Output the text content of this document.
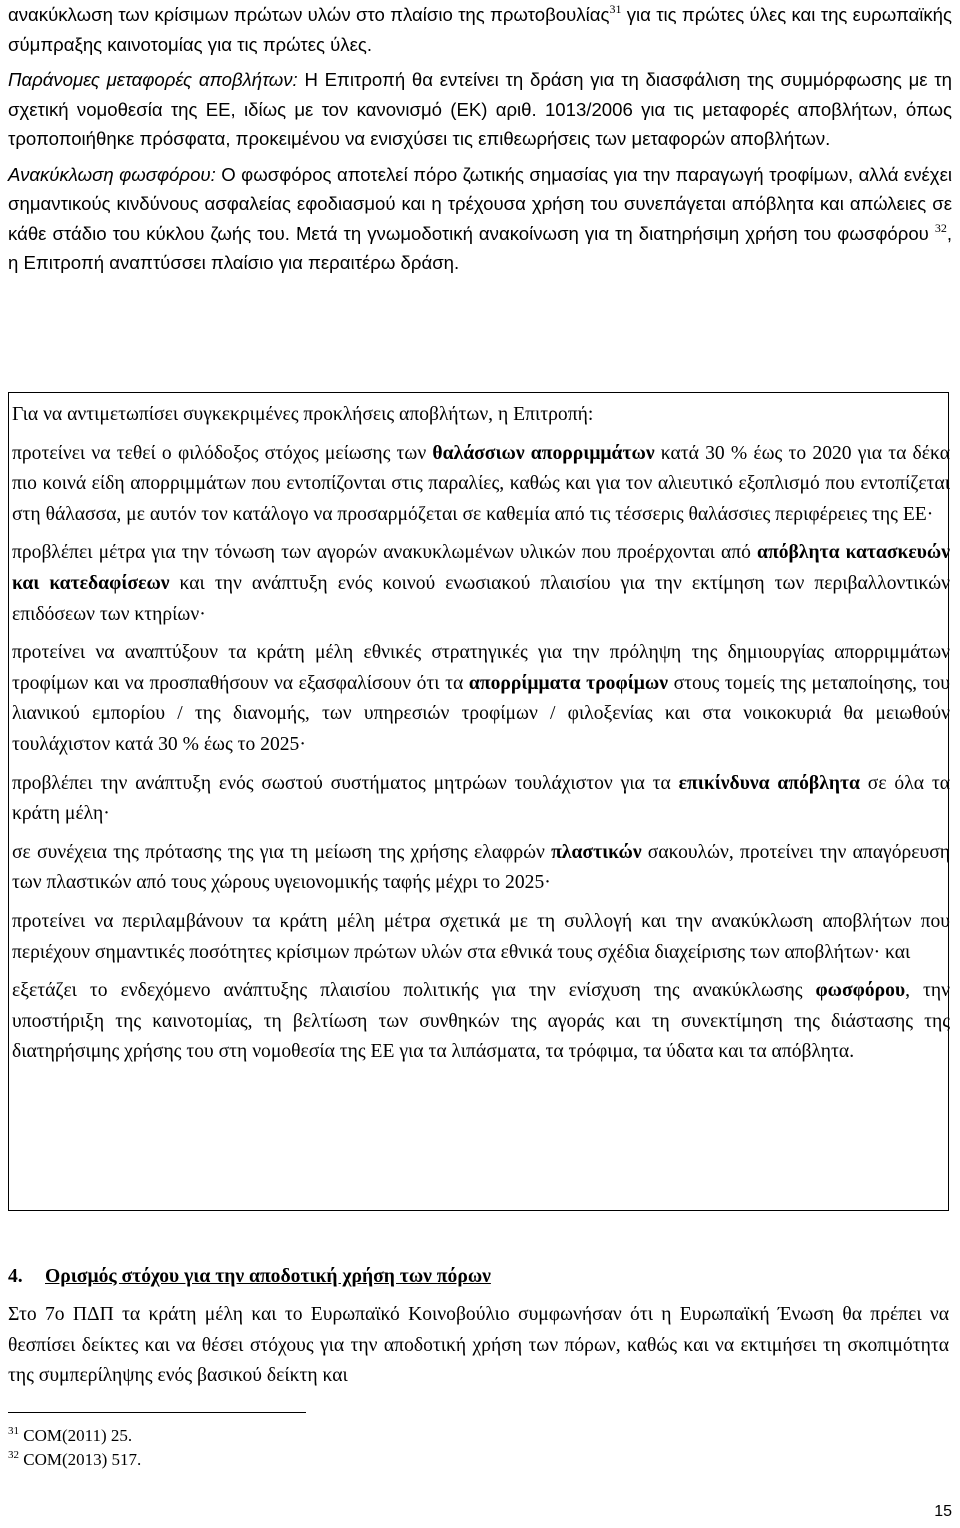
ανακύκλωση των κρίσιμων πρώτων υλών στο πλαίσιο της πρωτοβουλίας$^{31}$ για τις πρώτες ύλες και της ευρωπαϊκής σύμπραξης καινοτομίας για τις πρώτες ύλες.

Παράνομες μεταφορές αποβλήτων: Η Επιτροπή θα εντείνει τη δράση για τη διασφάλιση της συμμόρφωσης με τη σχετική νομοθεσία της ΕΕ, ιδίως με τον κανονισμό (ΕΚ) αριθ. 1013/2006 για τις μεταφορές αποβλήτων, όπως τροποποιήθηκε πρόσφατα, προκειμένου να ενισχύσει τις επιθεωρήσεις των μεταφορών αποβλήτων.

Ανακύκλωση φωσφόρου: Ο φωσφόρος αποτελεί πόρο ζωτικής σημασίας για την παραγωγή τροφίμων, αλλά ενέχει σημαντικούς κινδύνους ασφαλείας εφοδιασμού και η τρέχουσα χρήση του συνεπάγεται απόβλητα και απώλειες σε κάθε στάδιο του κύκλου ζωής του. Μετά τη γνωμοδοτική ανακοίνωση για τη διατηρήσιμη χρήση του φωσφόρου $^{32}$, η Επιτροπή αναπτύσσει πλαίσιο για περαιτέρω δράση.

Για να αντιμετωπίσει συγκεκριμένες προκλήσεις αποβλήτων, η Επιτροπή:

προτείνει να τεθεί ο φιλόδοξος στόχος μείωσης των θαλάσσιων απορριμμάτων κατά 30 % έως το 2020 για τα δέκα πιο κοινά είδη απορριμμάτων που εντοπίζονται στις παραλίες, καθώς και για τον αλιευτικό εξοπλισμό που εντοπίζεται στη θάλασσα, με αυτόν τον κατάλογο να προσαρμόζεται σε καθεμία από τις τέσσερις θαλάσσιες περιφέρειες της ΕΕ·

προβλέπει μέτρα για την τόνωση των αγορών ανακυκλωμένων υλικών που προέρχονται από απόβλητα κατασκευών και κατεδαφίσεων και την ανάπτυξη ενός κοινού ενωσιακού πλαισίου για την εκτίμηση των περιβαλλοντικών επιδόσεων των κτηρίων·

προτείνει να αναπτύξουν τα κράτη μέλη εθνικές στρατηγικές για την πρόληψη της δημιουργίας απορριμμάτων τροφίμων και να προσπαθήσουν να εξασφαλίσουν ότι τα απορρίμματα τροφίμων στους τομείς της μεταποίησης, του λιανικού εμπορίου / της διανομής, των υπηρεσιών τροφίμων / φιλοξενίας και στα νοικοκυριά θα μειωθούν τουλάχιστον κατά 30 % έως το 2025·

προβλέπει την ανάπτυξη ενός σωστού συστήματος μητρώων τουλάχιστον για τα επικίνδυνα απόβλητα σε όλα τα κράτη μέλη·

σε συνέχεια της πρότασης της για τη μείωση της χρήσης ελαφρών πλαστικών σακουλών, προτείνει την απαγόρευση των πλαστικών από τους χώρους υγειονομικής ταφής μέχρι το 2025·

προτείνει να περιλαμβάνουν τα κράτη μέλη μέτρα σχετικά με τη συλλογή και την ανακύκλωση αποβλήτων που περιέχουν σημαντικές ποσότητες κρίσιμων πρώτων υλών στα εθνικά τους σχέδια διαχείρισης των αποβλήτων· και

εξετάζει το ενδεχόμενο ανάπτυξης πλαισίου πολιτικής για την ενίσχυση της ανακύκλωσης φωσφόρου, την υποστήριξη της καινοτομίας, τη βελτίωση των συνθηκών της αγοράς και τη συνεκτίμηση της διάστασης της διατηρήσιμης χρήσης του στη νομοθεσία της ΕΕ για τα λιπάσματα, τα τρόφιμα, τα ύδατα και τα απόβλητα.

4.	Ορισμός στόχου για την αποδοτική χρήση των πόρων

Στο 7ο ΠΔΠ τα κράτη μέλη και το Ευρωπαϊκό Κοινοβούλιο συμφωνήσαν ότι η Ευρωπαϊκή Ένωση θα πρέπει να θεσπίσει δείκτες και να θέσει στόχους για την αποδοτική χρήση των πόρων, καθώς και να εκτιμήσει τη σκοπιμότητα της συμπερίληψης ενός βασικού δείκτη και

$^{31}$ COM(2011) 25.
$^{32}$ COM(2013) 517.
15
